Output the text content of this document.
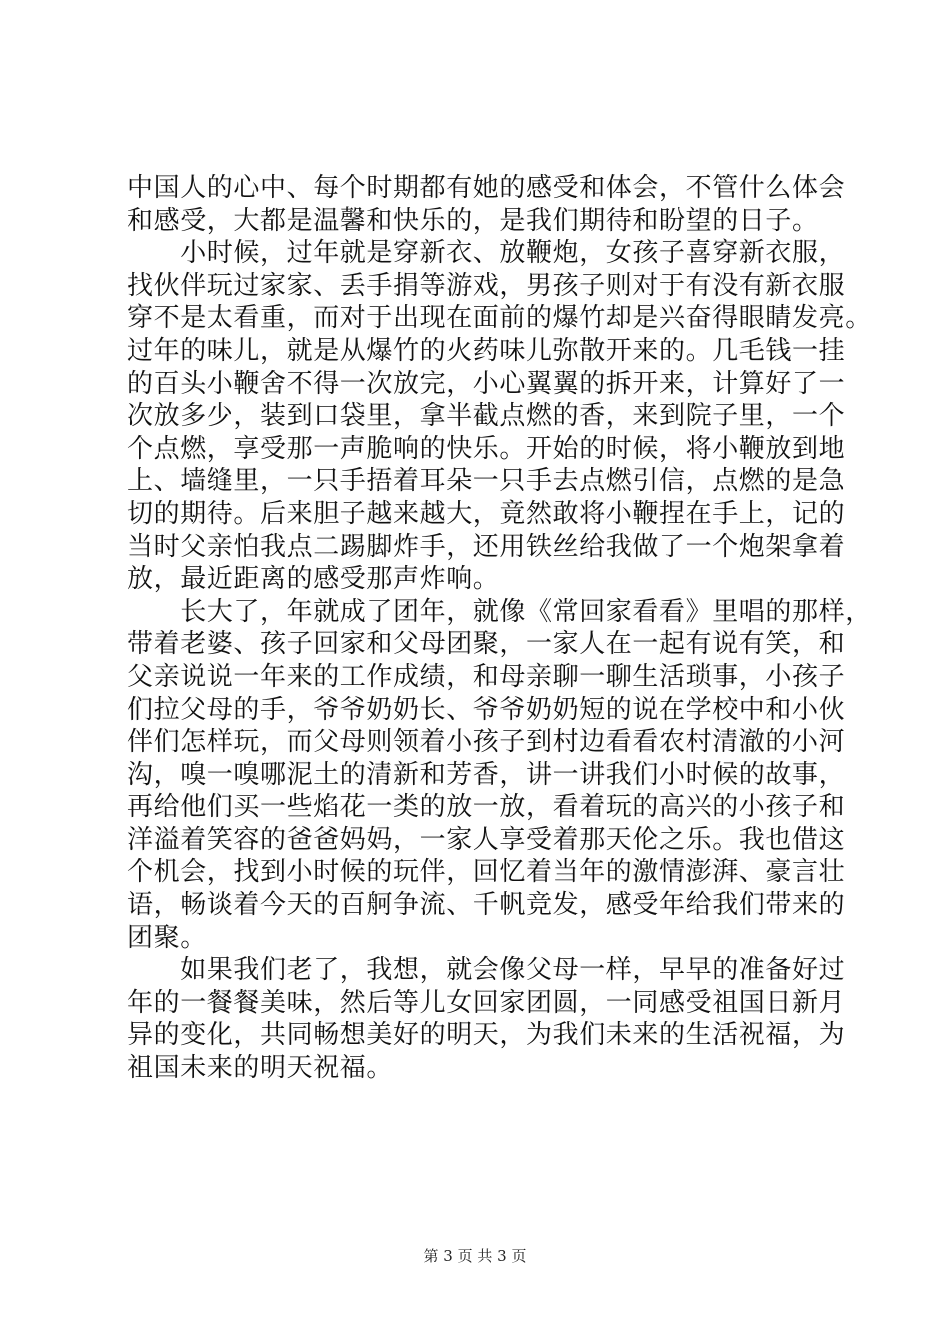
中国人的心中、每个时期都有她的感受和体会，不管什么体会
和感受，大都是温馨和快乐的，是我们期待和盼望的日子。
　　小时候，过年就是穿新衣、放鞭炮，女孩子喜穿新衣服，
找伙伴玩过家家、丢手捐等游戏，男孩子则对于有没有新衣服
穿不是太看重，而对于出现在面前的爆竹却是兴奋得眼睛发亮。
过年的味儿，就是从爆竹的火药味儿弥散开来的。几毛钱一挂
的百头小鞭舍不得一次放完，小心翼翼的拆开来，计算好了一
次放多少，装到口袋里，拿半截点燃的香，来到院子里，一个
个点燃，享受那一声脆响的快乐。开始的时候，将小鞭放到地
上、墙缝里，一只手捂着耳朵一只手去点燃引信，点燃的是急
切的期待。后来胆子越来越大，竟然敢将小鞭捏在手上，记的
当时父亲怕我点二踢脚炸手，还用铁丝给我做了一个炮架拿着
放，最近距离的感受那声炸响。
　　长大了，年就成了团年，就像《常回家看看》里唱的那样，
带着老婆、孩子回家和父母团聚，一家人在一起有说有笑，和
父亲说说一年来的工作成绩，和母亲聊一聊生活琐事，小孩子
们拉父母的手，爷爷奶奶长、爷爷奶奶短的说在学校中和小伙
伴们怎样玩，而父母则领着小孩子到村边看看农村清澈的小河
沟，嗅一嗅哪泥土的清新和芳香，讲一讲我们小时候的故事，
再给他们买一些焰花一类的放一放，看着玩的高兴的小孩子和
洋溢着笑容的爸爸妈妈，一家人享受着那天伦之乐。我也借这
个机会，找到小时候的玩伴，回忆着当年的激情澎湃、豪言壮
语，畅谈着今天的百舸争流、千帆竞发，感受年给我们带来的
团聚。
　　如果我们老了，我想，就会像父母一样，早早的准备好过
年的一餐餐美味，然后等儿女回家团圆，一同感受祖国日新月
异的变化，共同畅想美好的明天，为我们未来的生活祝福，为
祖国未来的明天祝福。
第 3 页 共 3 页
